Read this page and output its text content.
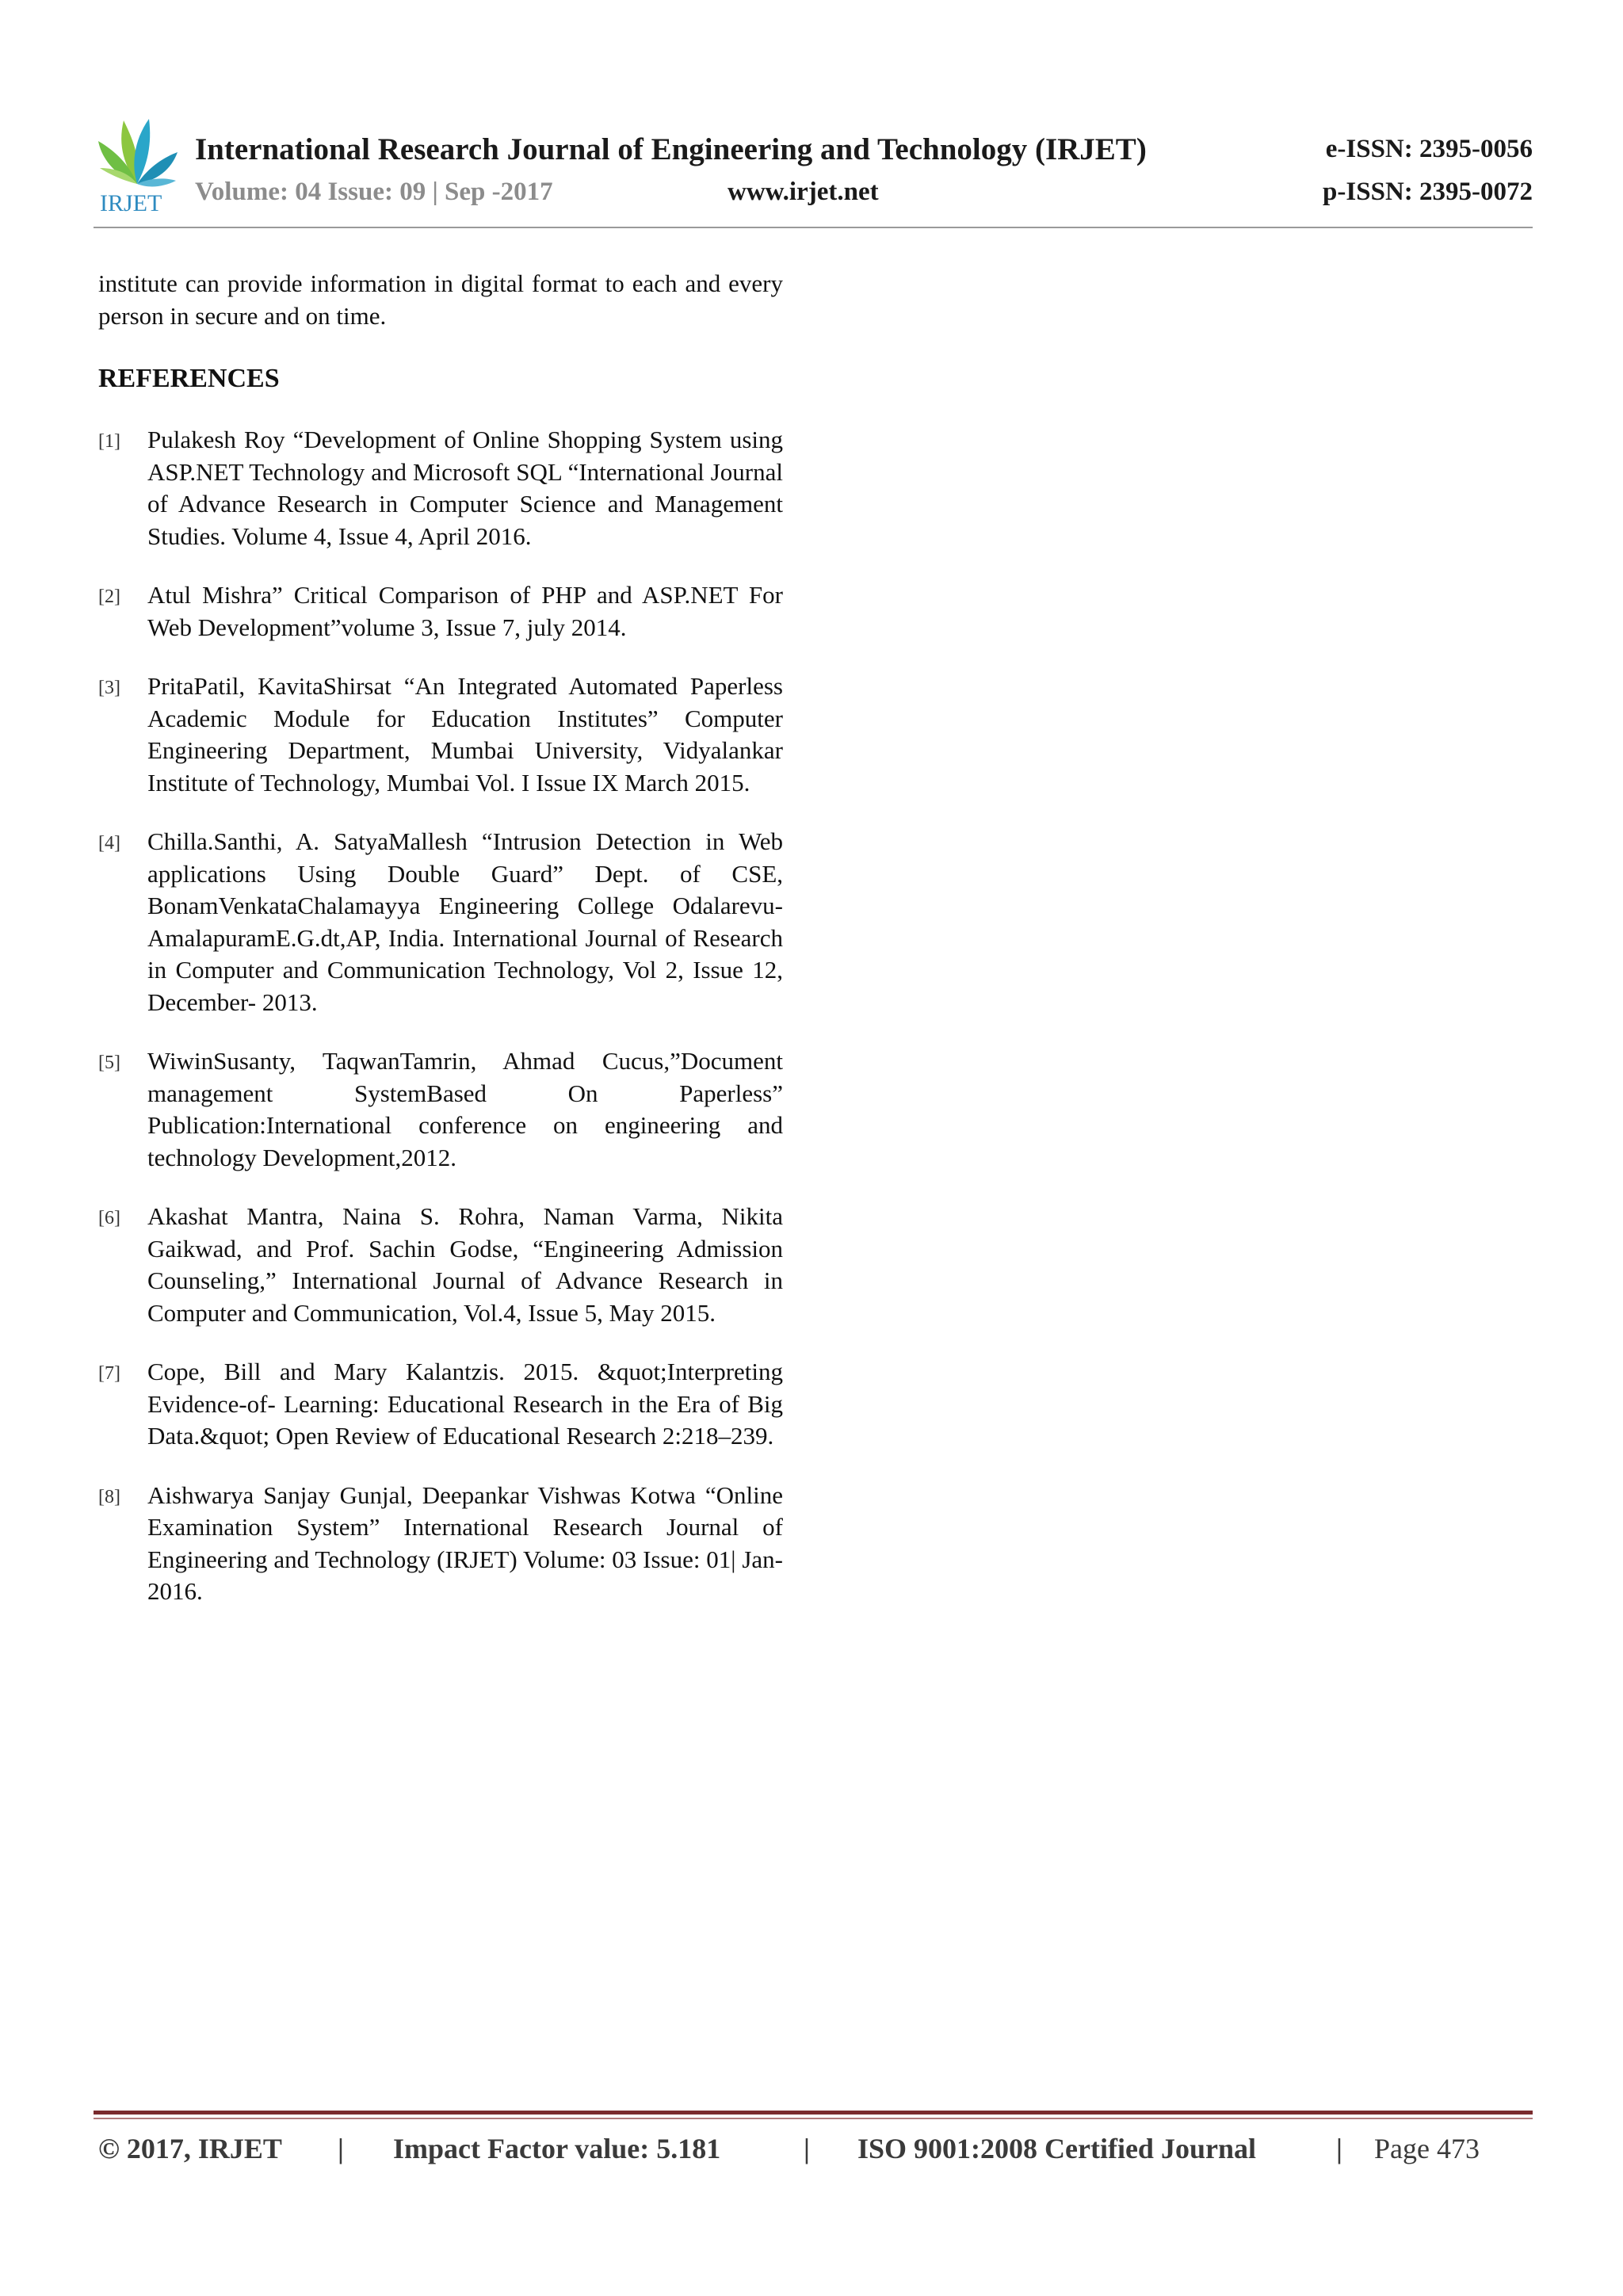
IRJET
International Research Journal of Engineering and Technology (IRJET)
Volume: 04 Issue: 09 | Sep -2017	www.irjet.net
e-ISSN: 2395-0056
p-ISSN: 2395-0072

institute can provide information in digital format to each and every person in secure and on time.

REFERENCES
[1] Pulakesh Roy “Development of Online Shopping System using ASP.NET Technology and Microsoft SQL “International Journal of Advance Research in Computer Science and Management Studies. Volume 4, Issue 4, April 2016.
[2] Atul Mishra” Critical Comparison of PHP and ASP.NET For Web Development”volume 3, Issue 7, july 2014.
[3] PritaPatil, KavitaShirsat “An Integrated Automated Paperless Academic Module for Education Institutes” Computer Engineering Department, Mumbai University, Vidyalankar Institute of Technology, Mumbai Vol. I Issue IX March 2015.
[4] Chilla.Santhi, A. SatyaMallesh “Intrusion Detection in Web applications Using Double Guard” Dept. of CSE, BonamVenkataChalamayya Engineering College Odalarevu- AmalapuramE.G.dt,AP, India. International Journal of Research in Computer and Communication Technology, Vol 2, Issue 12, December- 2013.
[5] WiwinSusanty, TaqwanTamrin, Ahmad Cucus,”Document management SystemBased On Paperless” Publication:International conference on engineering and technology Development,2012.
[6] Akashat Mantra, Naina S. Rohra, Naman Varma, Nikita Gaikwad, and Prof. Sachin Godse, “Engineering Admission Counseling,” International Journal of Advance Research in Computer and Communication, Vol.4, Issue 5, May 2015.
[7] Cope, Bill and Mary Kalantzis. 2015. &quot;Interpreting Evidence-of- Learning: Educational Research in the Era of Big Data.&quot; Open Review of Educational Research 2:218–239.
[8] Aishwarya Sanjay Gunjal, Deepankar Vishwas Kotwa “Online Examination System” International Research Journal of Engineering and Technology (IRJET) Volume: 03 Issue: 01| Jan-2016.
© 2017, IRJET | Impact Factor value: 5.181	| ISO 9001:2008 Certified Journal	| Page 473
